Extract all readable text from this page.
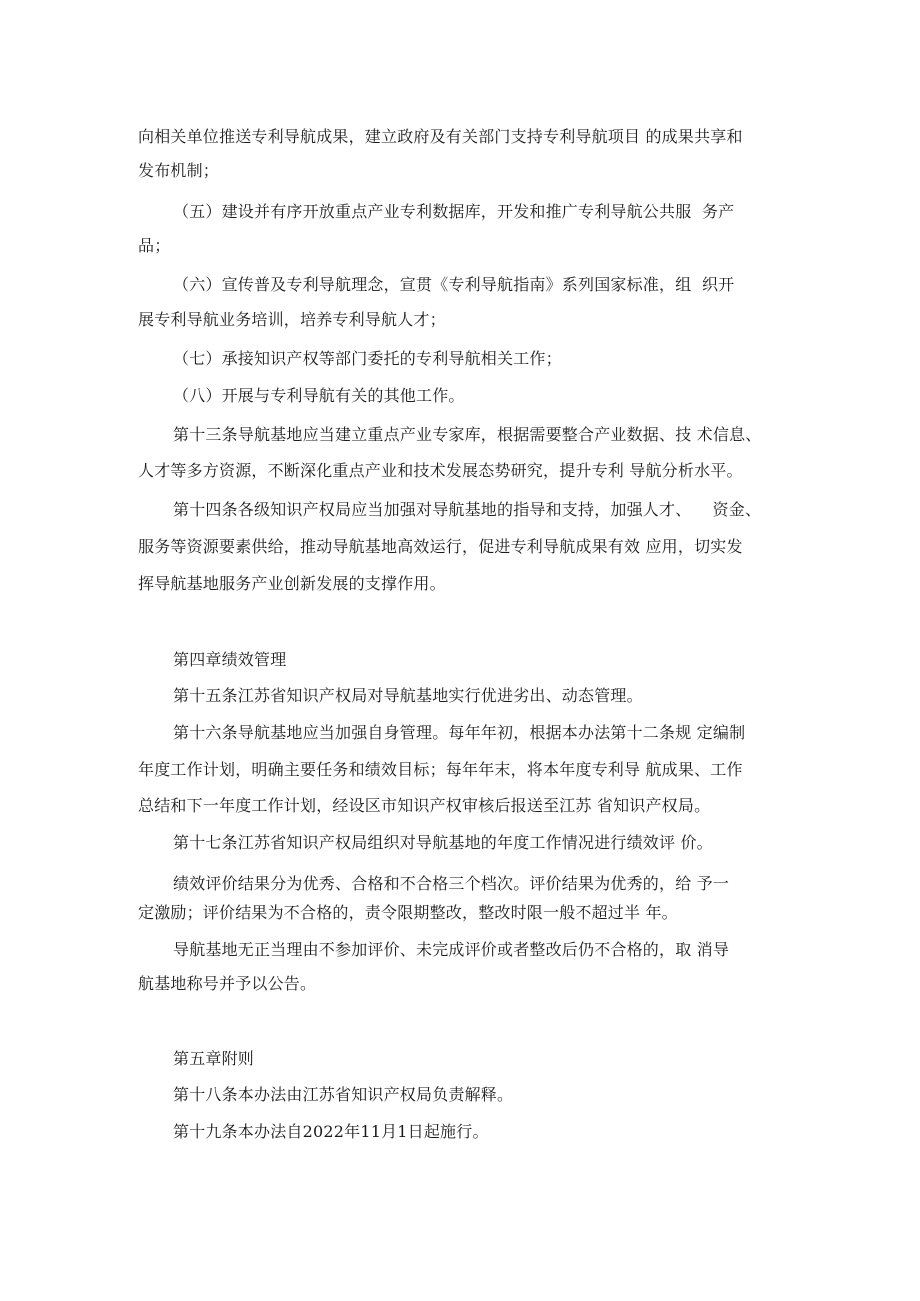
向相关单位推送专利导航成果，建立政府及有关部门支持专利导航项目 的成果共享和
发布机制；
（五）建设并有序开放重点产业专利数据库，开发和推广专利导航公共服  务产
品；
（六）宣传普及专利导航理念，宣贯《专利导航指南》系列国家标准，组  织开
展专利导航业务培训，培养专利导航人才；
（七）承接知识产权等部门委托的专利导航相关工作；
（八）开展与专利导航有关的其他工作。
第十三条导航基地应当建立重点产业专家库，根据需要整合产业数据、技 术信息、
人才等多方资源，不断深化重点产业和技术发展态势研究，提升专利 导航分析水平。
第十四条各级知识产权局应当加强对导航基地的指导和支持，加强人才、    资金、
服务等资源要素供给，推动导航基地高效运行，促进专利导航成果有效 应用，切实发
挥导航基地服务产业创新发展的支撑作用。
第四章绩效管理
第十五条江苏省知识产权局对导航基地实行优进劣出、动态管理。
第十六条导航基地应当加强自身管理。每年年初，根据本办法第十二条规 定编制
年度工作计划，明确主要任务和绩效目标；每年年末，将本年度专利导 航成果、工作
总结和下一年度工作计划，经设区市知识产权审核后报送至江苏 省知识产权局。
第十七条江苏省知识产权局组织对导航基地的年度工作情况进行绩效评 价。
绩效评价结果分为优秀、合格和不合格三个档次。评价结果为优秀的，给 予一
定激励；评价结果为不合格的，责令限期整改，整改时限一般不超过半 年。
导航基地无正当理由不参加评价、未完成评价或者整改后仍不合格的，取 消导
航基地称号并予以公告。
第五章附则
第十八条本办法由江苏省知识产权局负责解释。
第十九条本办法自2022年11月1日起施行。
